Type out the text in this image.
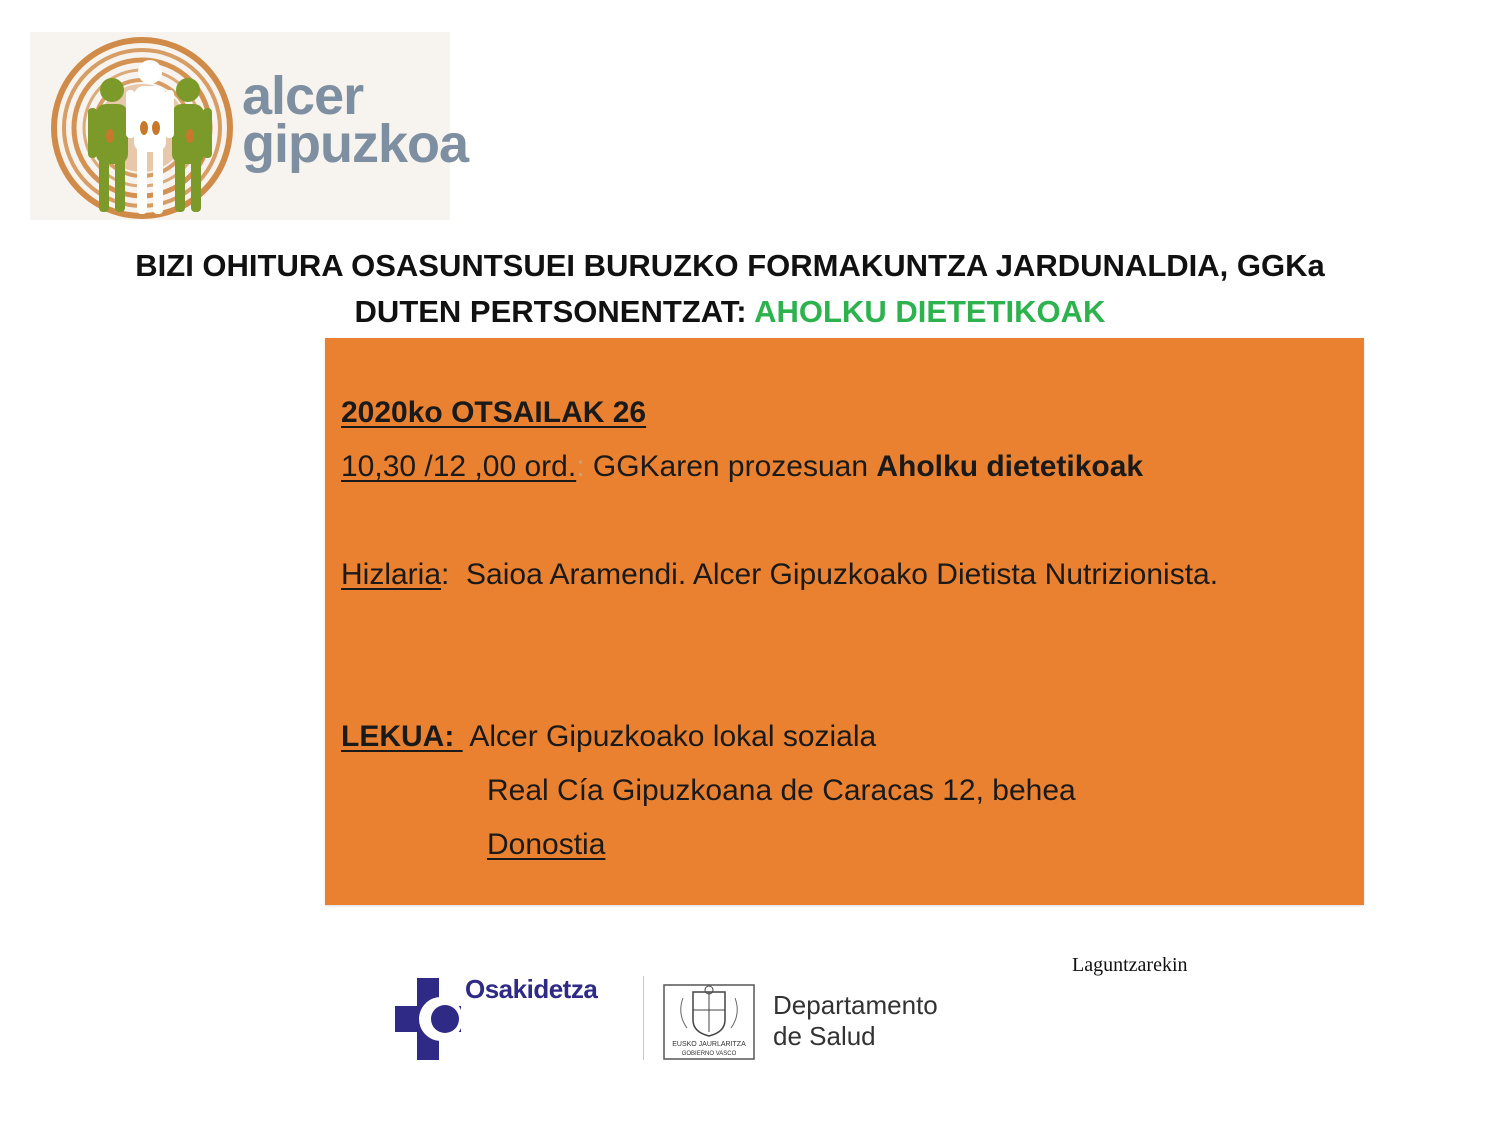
alcer
gipuzkoa
BIZI OHITURA OSASUNTSUEI BURUZKO FORMAKUNTZA JARDUNALDIA, GGKa
DUTEN PERTSONENTZAT: AHOLKU DIETETIKOAK
2020ko OTSAILAK 26
10,30 /12 ,00 ord.: GGKaren prozesuan Aholku dietetikoak
Hizlaria:  Saioa Aramendi. Alcer Gipuzkoako Dietista Nutrizionista.
LEKUA:  Alcer Gipuzkoako lokal soziala
Real Cía Gipuzkoana de Caracas 12, behea
Donostia
Laguntzarekin
Osakidetza
EUSKO JAURLARITZA
GOBIERNO VASCO
Departamento
de Salud
